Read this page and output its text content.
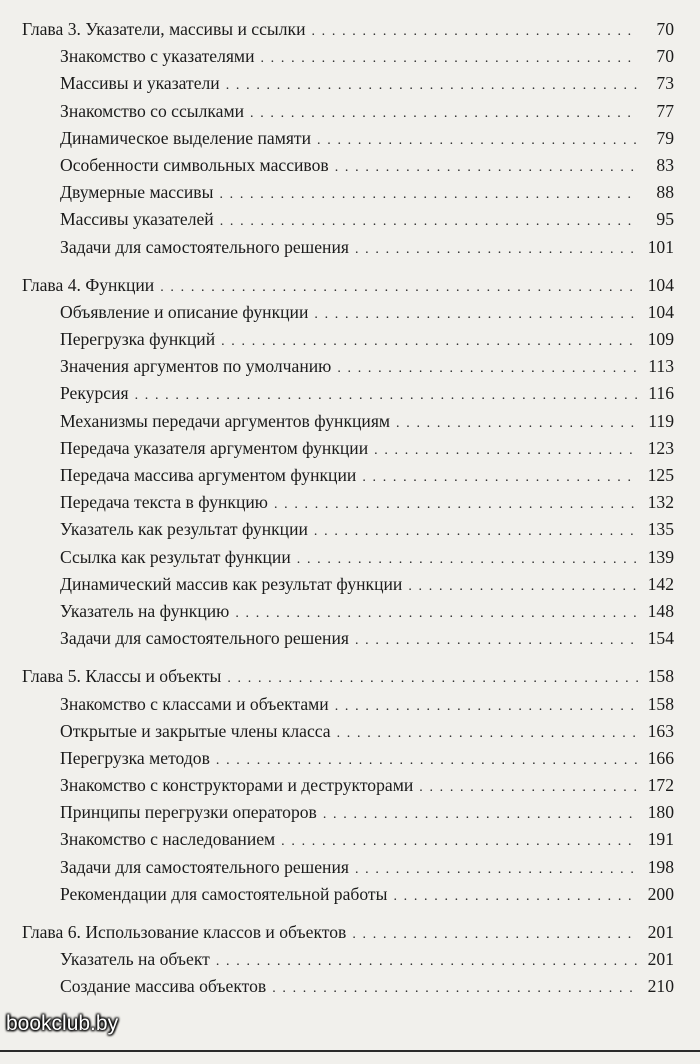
Глава 3. Указатели, массивы и ссылки . . .	70
Знакомство с указателями . . .	70
Массивы и указатели . . .	73
Знакомство со ссылками . . .	77
Динамическое выделение памяти . . .	79
Особенности символьных массивов . . .	83
Двумерные массивы . . .	88
Массивы указателей . . .	95
Задачи для самостоятельного решения . . .	101
Глава 4. Функции . . .	104
Объявление и описание функции . . .	104
Перегрузка функций . . .	109
Значения аргументов по умолчанию . . .	113
Рекурсия . . .	116
Механизмы передачи аргументов функциям . . .	119
Передача указателя аргументом функции . . .	123
Передача массива аргументом функции . . .	125
Передача текста в функцию . . .	132
Указатель как результат функции . . .	135
Ссылка как результат функции . . .	139
Динамический массив как результат функции . . .	142
Указатель на функцию . . .	148
Задачи для самостоятельного решения . . .	154
Глава 5. Классы и объекты . . .	158
Знакомство с классами и объектами . . .	158
Открытые и закрытые члены класса . . .	163
Перегрузка методов . . .	166
Знакомство с конструкторами и деструкторами . . .	172
Принципы перегрузки операторов . . .	180
Знакомство с наследованием . . .	191
Задачи для самостоятельного решения . . .	198
Рекомендации для самостоятельной работы . . .	200
Глава 6. Использование классов и объектов . . .	201
Указатель на объект . . .	201
Создание массива объектов . . .	210
bookclub.by
